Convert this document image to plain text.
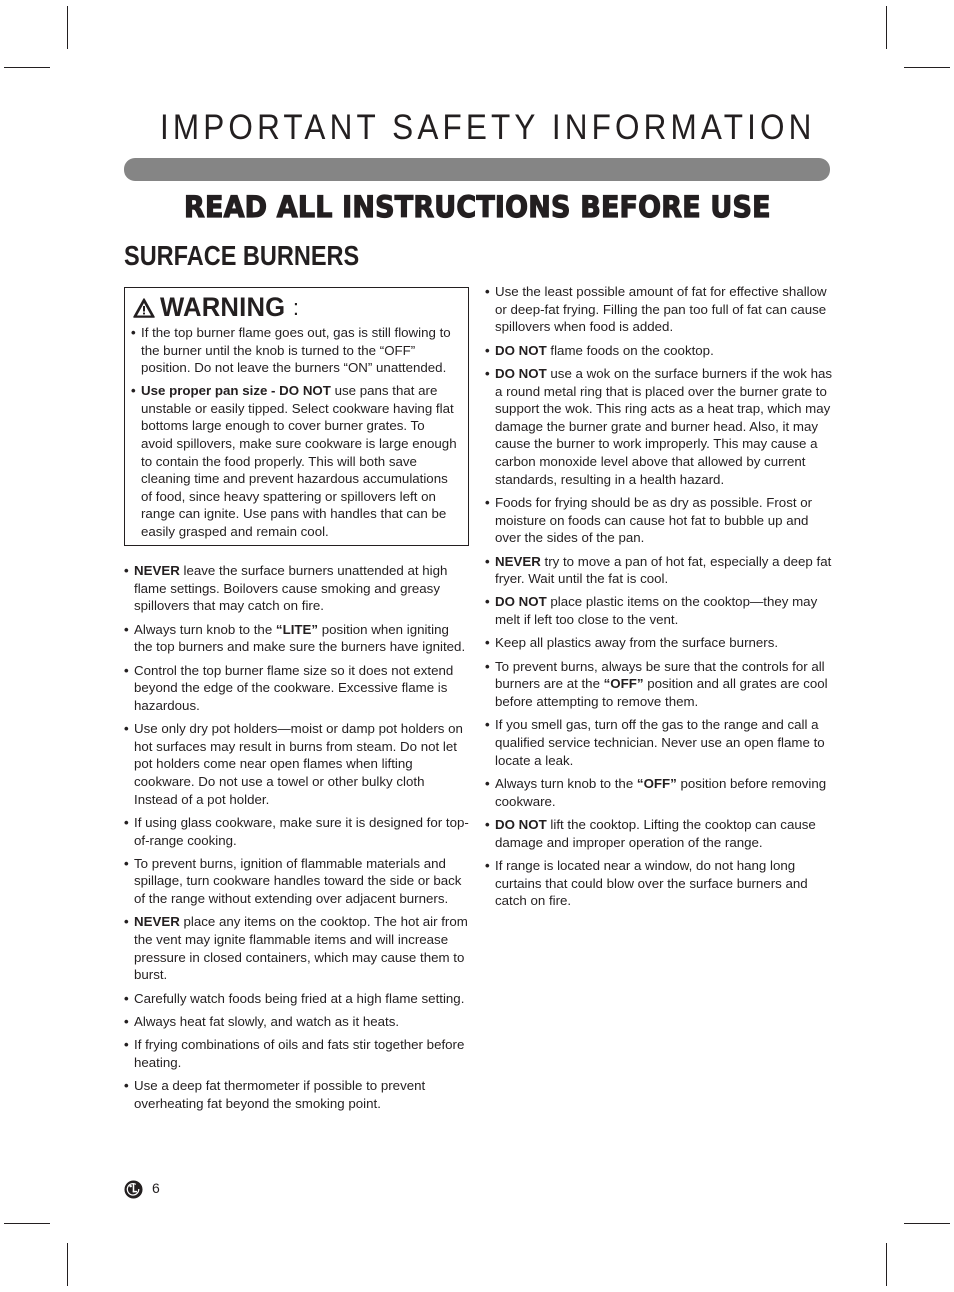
IMPORTANT SAFETY INFORMATION
READ ALL INSTRUCTIONS BEFORE USE
SURFACE BURNERS
WARNING :
• If the top burner flame goes out, gas is still flowing to the burner until the knob is turned to the “OFF” position. Do not leave the burners “ON” unattended.
• Use proper pan size - DO NOT use pans that are unstable or easily tipped. Select cookware having flat bottoms large enough to cover burner grates. To avoid spillovers, make sure cookware is large enough to contain the food properly. This will both save cleaning time and prevent hazardous accumulations of food, since heavy spattering or spillovers left on range can ignite. Use pans with handles that can be easily grasped and remain cool.
• NEVER leave the surface burners unattended at high flame settings. Boilovers cause smoking and greasy spillovers that may catch on fire.
• Always turn knob to the “LITE” position when igniting the top burners and make sure the burners have ignited.
• Control the top burner flame size so it does not extend beyond the edge of the cookware. Excessive flame is hazardous.
• Use only dry pot holders—moist or damp pot holders on hot surfaces may result in burns from steam. Do not let pot holders come near open flames when lifting cookware. Do not use a towel or other bulky cloth Instead of a pot holder.
• If using glass cookware, make sure it is designed for top-of-range cooking.
• To prevent burns, ignition of flammable materials and spillage, turn cookware handles toward the side or back of the range without extending over adjacent burners.
• NEVER place any items on the cooktop. The hot air from the vent may ignite flammable items and will increase pressure in closed containers, which may cause them to burst.
• Carefully watch foods being fried at a high flame setting.
• Always heat fat slowly, and watch as it heats.
• If frying combinations of oils and fats stir together before heating.
• Use a deep fat thermometer if possible to prevent overheating fat beyond the smoking point.
• Use the least possible amount of fat for effective shallow or deep-fat frying. Filling the pan too full of fat can cause spillovers when food is added.
• DO NOT flame foods on the cooktop.
• DO NOT use a wok on the surface burners if the wok has a round metal ring that is placed over the burner grate to support the wok. This ring acts as a heat trap, which may damage the burner grate and burner head. Also, it may cause the burner to work improperly. This may cause a carbon monoxide level above that allowed by current standards, resulting in a health hazard.
• Foods for frying should be as dry as possible. Frost or moisture on foods can cause hot fat to bubble up and over the sides of the pan.
• NEVER try to move a pan of hot fat, especially a deep fat fryer. Wait until the fat is cool.
• DO NOT place plastic items on the cooktop—they may melt if left too close to the vent.
• Keep all plastics away from the surface burners.
• To prevent burns, always be sure that the controls for all burners are at the “OFF” position and all grates are cool before attempting to remove them.
• If you smell gas, turn off the gas to the range and call a qualified service technician. Never use an open flame to locate a leak.
• Always turn knob to the “OFF” position before removing cookware.
• DO NOT lift the cooktop. Lifting the cooktop can cause damage and improper operation of the range.
• If range is located near a window, do not hang long curtains that could blow over the surface burners and catch on fire.
6
